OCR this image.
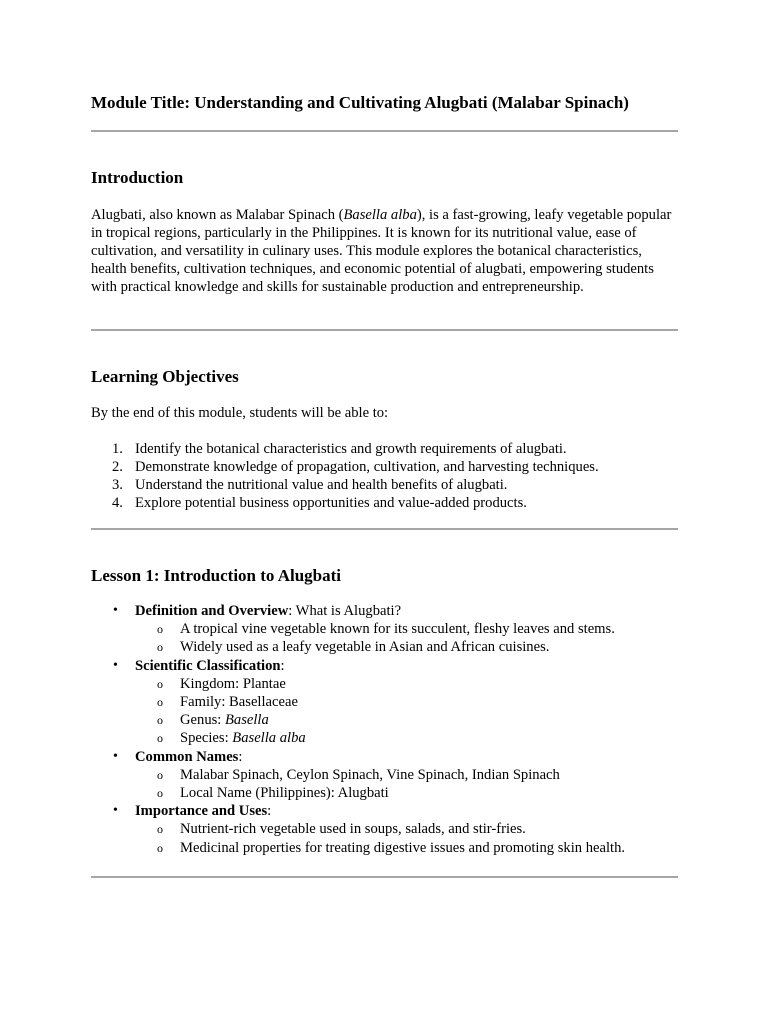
Module Title: Understanding and Cultivating Alugbati (Malabar Spinach)
Introduction

Alugbati, also known as Malabar Spinach (Basella alba), is a fast-growing, leafy vegetable popular in tropical regions, particularly in the Philippines. It is known for its nutritional value, ease of cultivation, and versatility in culinary uses. This module explores the botanical characteristics, health benefits, cultivation techniques, and economic potential of alugbati, empowering students with practical knowledge and skills for sustainable production and entrepreneurship.

Learning Objectives

By the end of this module, students will be able to:

1. Identify the botanical characteristics and growth requirements of alugbati.
2. Demonstrate knowledge of propagation, cultivation, and harvesting techniques.
3. Understand the nutritional value and health benefits of alugbati.
4. Explore potential business opportunities and value-added products.
Lesson 1: Introduction to Alugbati
• Definition and Overview: What is Alugbati?
o A tropical vine vegetable known for its succulent, fleshy leaves and stems.
o Widely used as a leafy vegetable in Asian and African cuisines.
• Scientific Classification:
o Kingdom: Plantae
o Family: Basellaceae
o Genus: Basella
o Species: Basella alba
• Common Names:
o Malabar Spinach, Ceylon Spinach, Vine Spinach, Indian Spinach
o Local Name (Philippines): Alugbati
• Importance and Uses:
o Nutrient-rich vegetable used in soups, salads, and stir-fries.
o Medicinal properties for treating digestive issues and promoting skin health.
